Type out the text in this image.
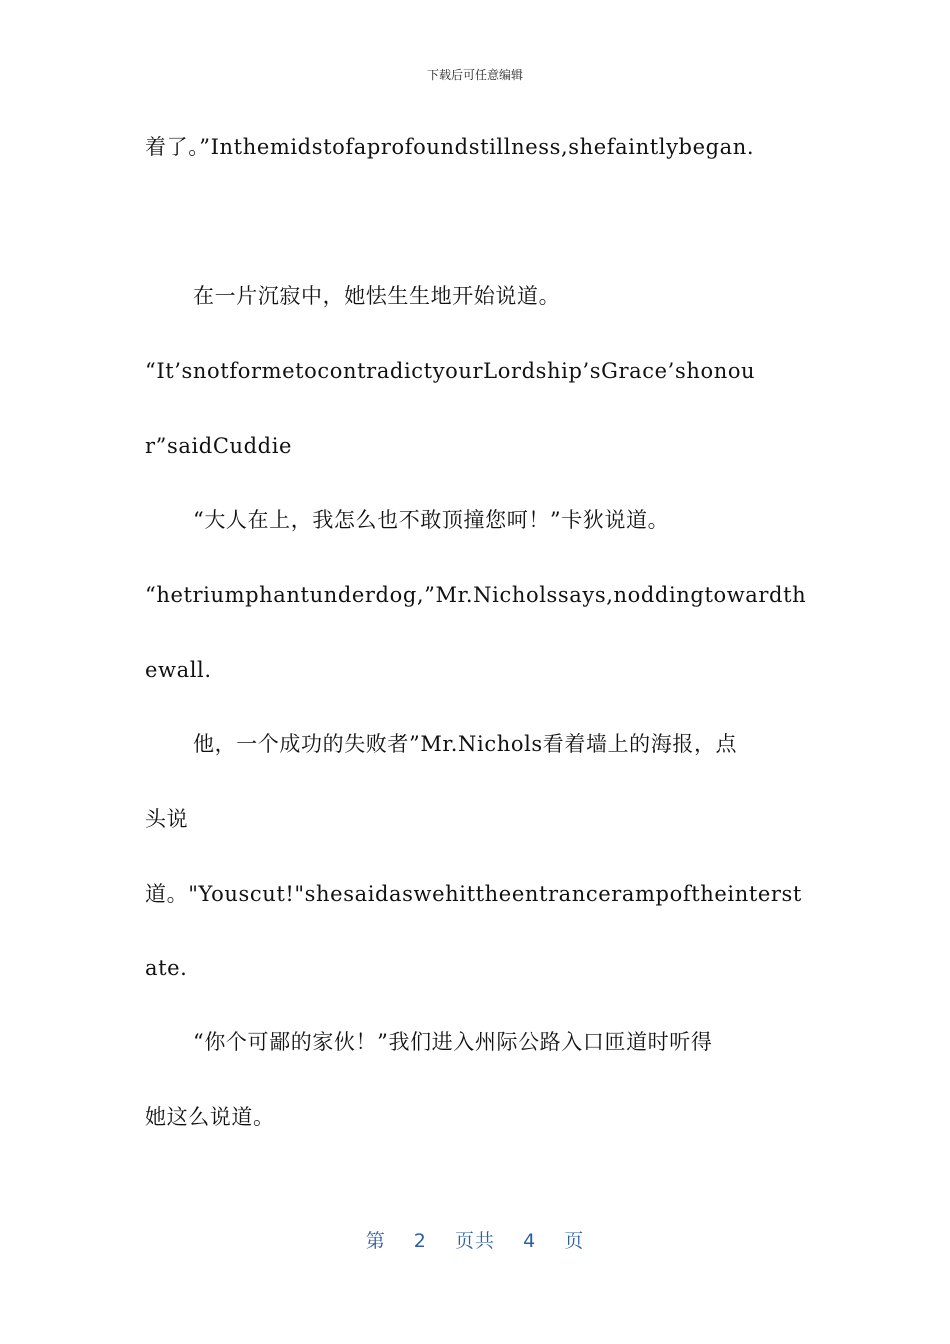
下载后可任意编辑
着了。”Inthemidstofaprofoundstillness,shefaintlybegan.
在一片沉寂中，她怯生生地开始说道。
“It’snotformetocontradictyourLordship’sGrace’shonou
r”saidCuddie
“大人在上，我怎么也不敢顶撞您呵！”卡狄说道。
“hetriumphantunderdog,”Mr.Nicholssays,noddingtowardth
ewall.
他，一个成功的失败者”Mr.Nichols看着墙上的海报，点
头说
道。"Youscut!"shesaidaswehittheentrancerampoftheinterst
ate.
“你个可鄙的家伙！”我们进入州际公路入口匝道时听得
她这么说道。
第 2 页共 4 页
